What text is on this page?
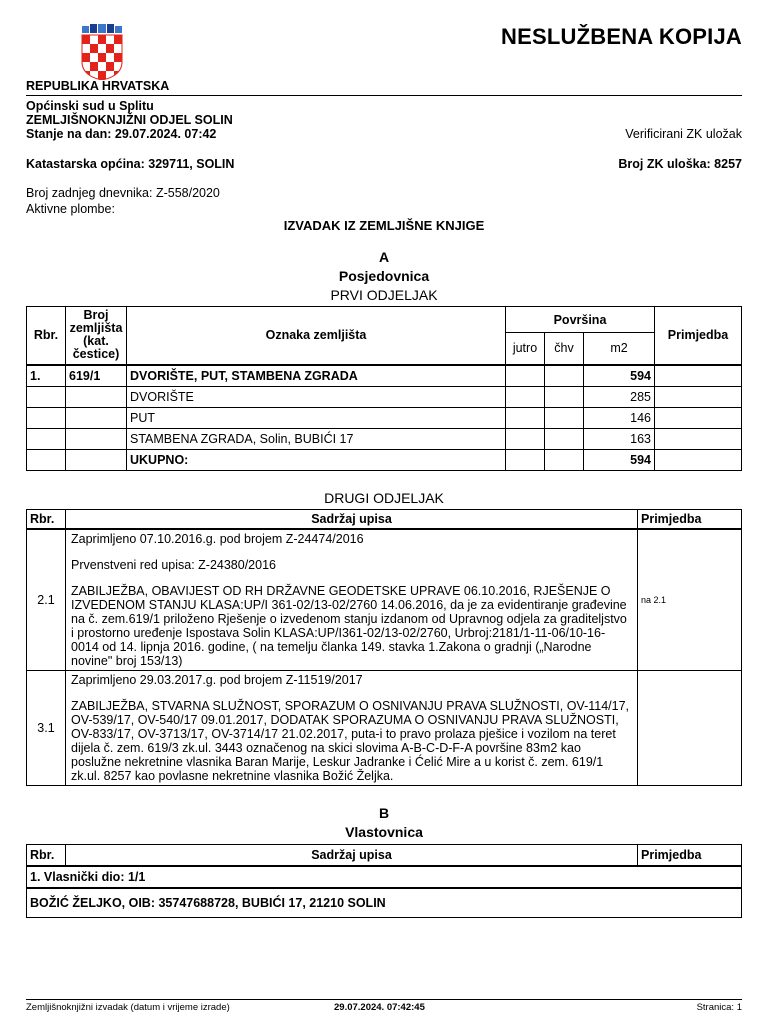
NESLUŽBENA KOPIJA
REPUBLIKA HRVATSKA
Općinski sud u Splitu
ZEMLJIŠNOKNJIŽNI ODJEL SOLIN
Stanje na dan: 29.07.2024. 07:42	Verificirani ZK uložak
Katastarska općina: 329711, SOLIN	Broj ZK uloška: 8257
Broj zadnjeg dnevnika: Z-558/2020
Aktivne plombe:
IZVADAK IZ ZEMLJIŠNE KNJIGE
A
Posjedovnica
PRVI ODJELJAK
Rbr.	Broj zemljišta (kat. čestice)	Oznaka zemljišta	Površina			Primjedba
			jutro	čhv	m2	
1.	619/1	DVORIŠTE, PUT, STAMBENA ZGRADA			594	
		DVORIŠTE			285	
		PUT			146	
		STAMBENA ZGRADA, Solin, BUBIĆI 17			163	
		UKUPNO:			594	
DRUGI ODJELJAK
Rbr.	Sadržaj upisa	Primjedba
2.1	Zaprimljeno 07.10.2016.g. pod brojem Z-24474/2016

Prvenstveni red upisa: Z-24380/2016

ZABILJEŽBA, OBAVIJEST OD RH DRŽAVNE GEODETSKE UPRAVE 06.10.2016, RJEŠENJE O IZVEDENOM STANJU KLASA:UP/I 361-02/13-02/2760 14.06.2016, da je za evidentiranje građevine na č. zem.619/1 priloženo Rješenje o izvedenom stanju izdanom od Upravnog odjela za graditeljstvo i prostorno uređenje Ispostava Solin KLASA:UP/I361-02/13-02/2760, Urbroj:2181/1-11-06/10-16-0014 od 14. lipnja 2016. godine, ( na temelju članka 149. stavka 1.Zakona o gradnji („Narodne novine" broj 153/13)	na 2.1
3.1	Zaprimljeno 29.03.2017.g. pod brojem Z-11519/2017

ZABILJEŽBA, STVARNA SLUŽNOST, SPORAZUM O OSNIVANJU PRAVA SLUŽNOSTI, OV-114/17, OV-539/17, OV-540/17 09.01.2017, DODATAK SPORAZUMA O OSNIVANJU PRAVA SLUŽNOSTI, OV-833/17, OV-3713/17, OV-3714/17 21.02.2017, puta-i to pravo prolaza pješice i vozilom na teret dijela č. zem. 619/3 zk.ul. 3443 označenog na skici slovima A-B-C-D-F-A površine 83m2 kao poslužne nekretnine vlasnika Baran Marije, Leskur Jadranke i Ćelić Mire a u korist č. zem. 619/1 zk.ul. 8257 kao povlasne nekretnine vlasnika Božić Željka.	

B
Vlastovnica
Rbr.	Sadržaj upisa	Primjedba
1. Vlasnički dio: 1/1
BOŽIĆ ŽELJKO, OIB: 35747688728, BUBIĆI 17, 21210 SOLIN
Zemljišnoknjižni izvadak (datum i vrijeme izrade)	29.07.2024. 07:42:45	Stranica: 1
